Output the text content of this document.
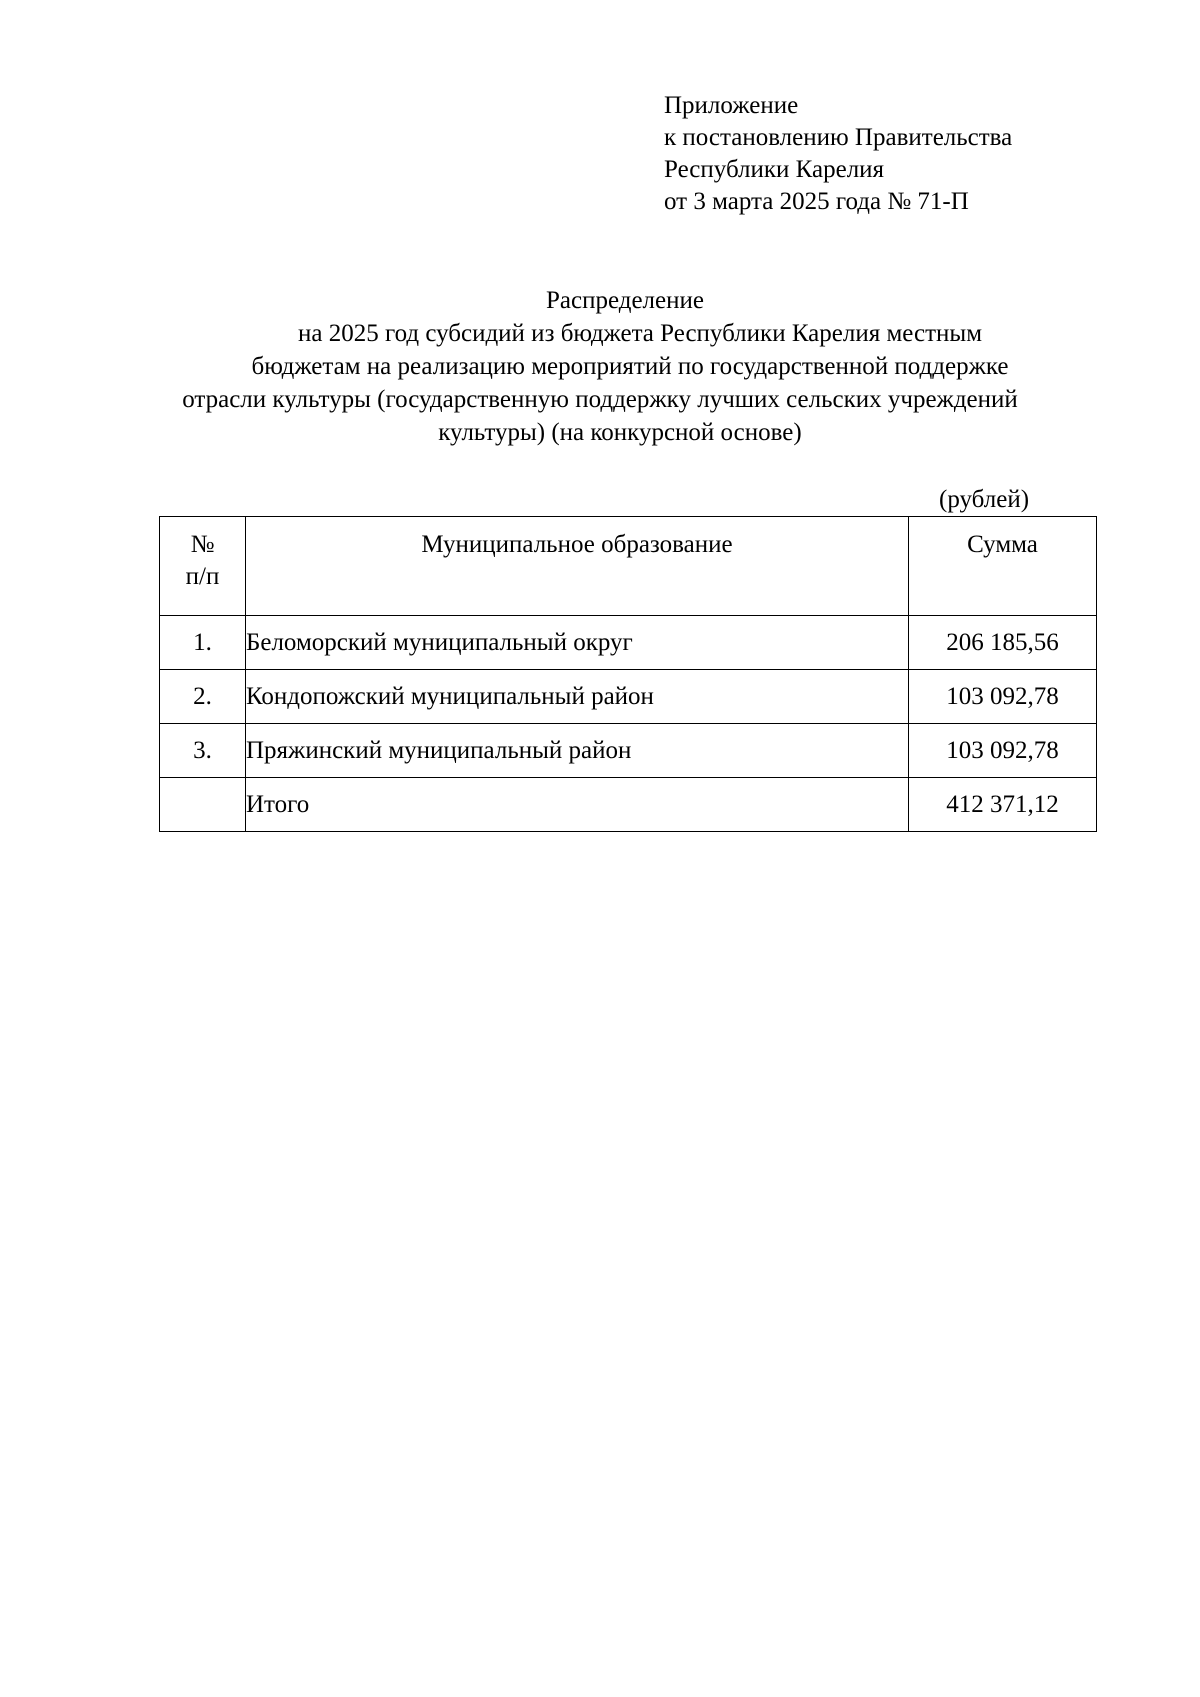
Приложение
к постановлению Правительства
Республики Карелия
от 3 марта 2025 года № 71-П
Распределение
на 2025 год субсидий из бюджета Республики Карелия местным
бюджетам на реализацию мероприятий по государственной поддержке
отрасли культуры (государственную поддержку лучших сельских учреждений
культуры) (на конкурсной основе)
(рублей)
№
п/п	Муниципальное образование	Сумма
1.	Беломорский муниципальный округ	206 185,56
2.	Кондопожский муниципальный район	103 092,78
3.	Пряжинский муниципальный район	103 092,78
	Итого	412 371,12
